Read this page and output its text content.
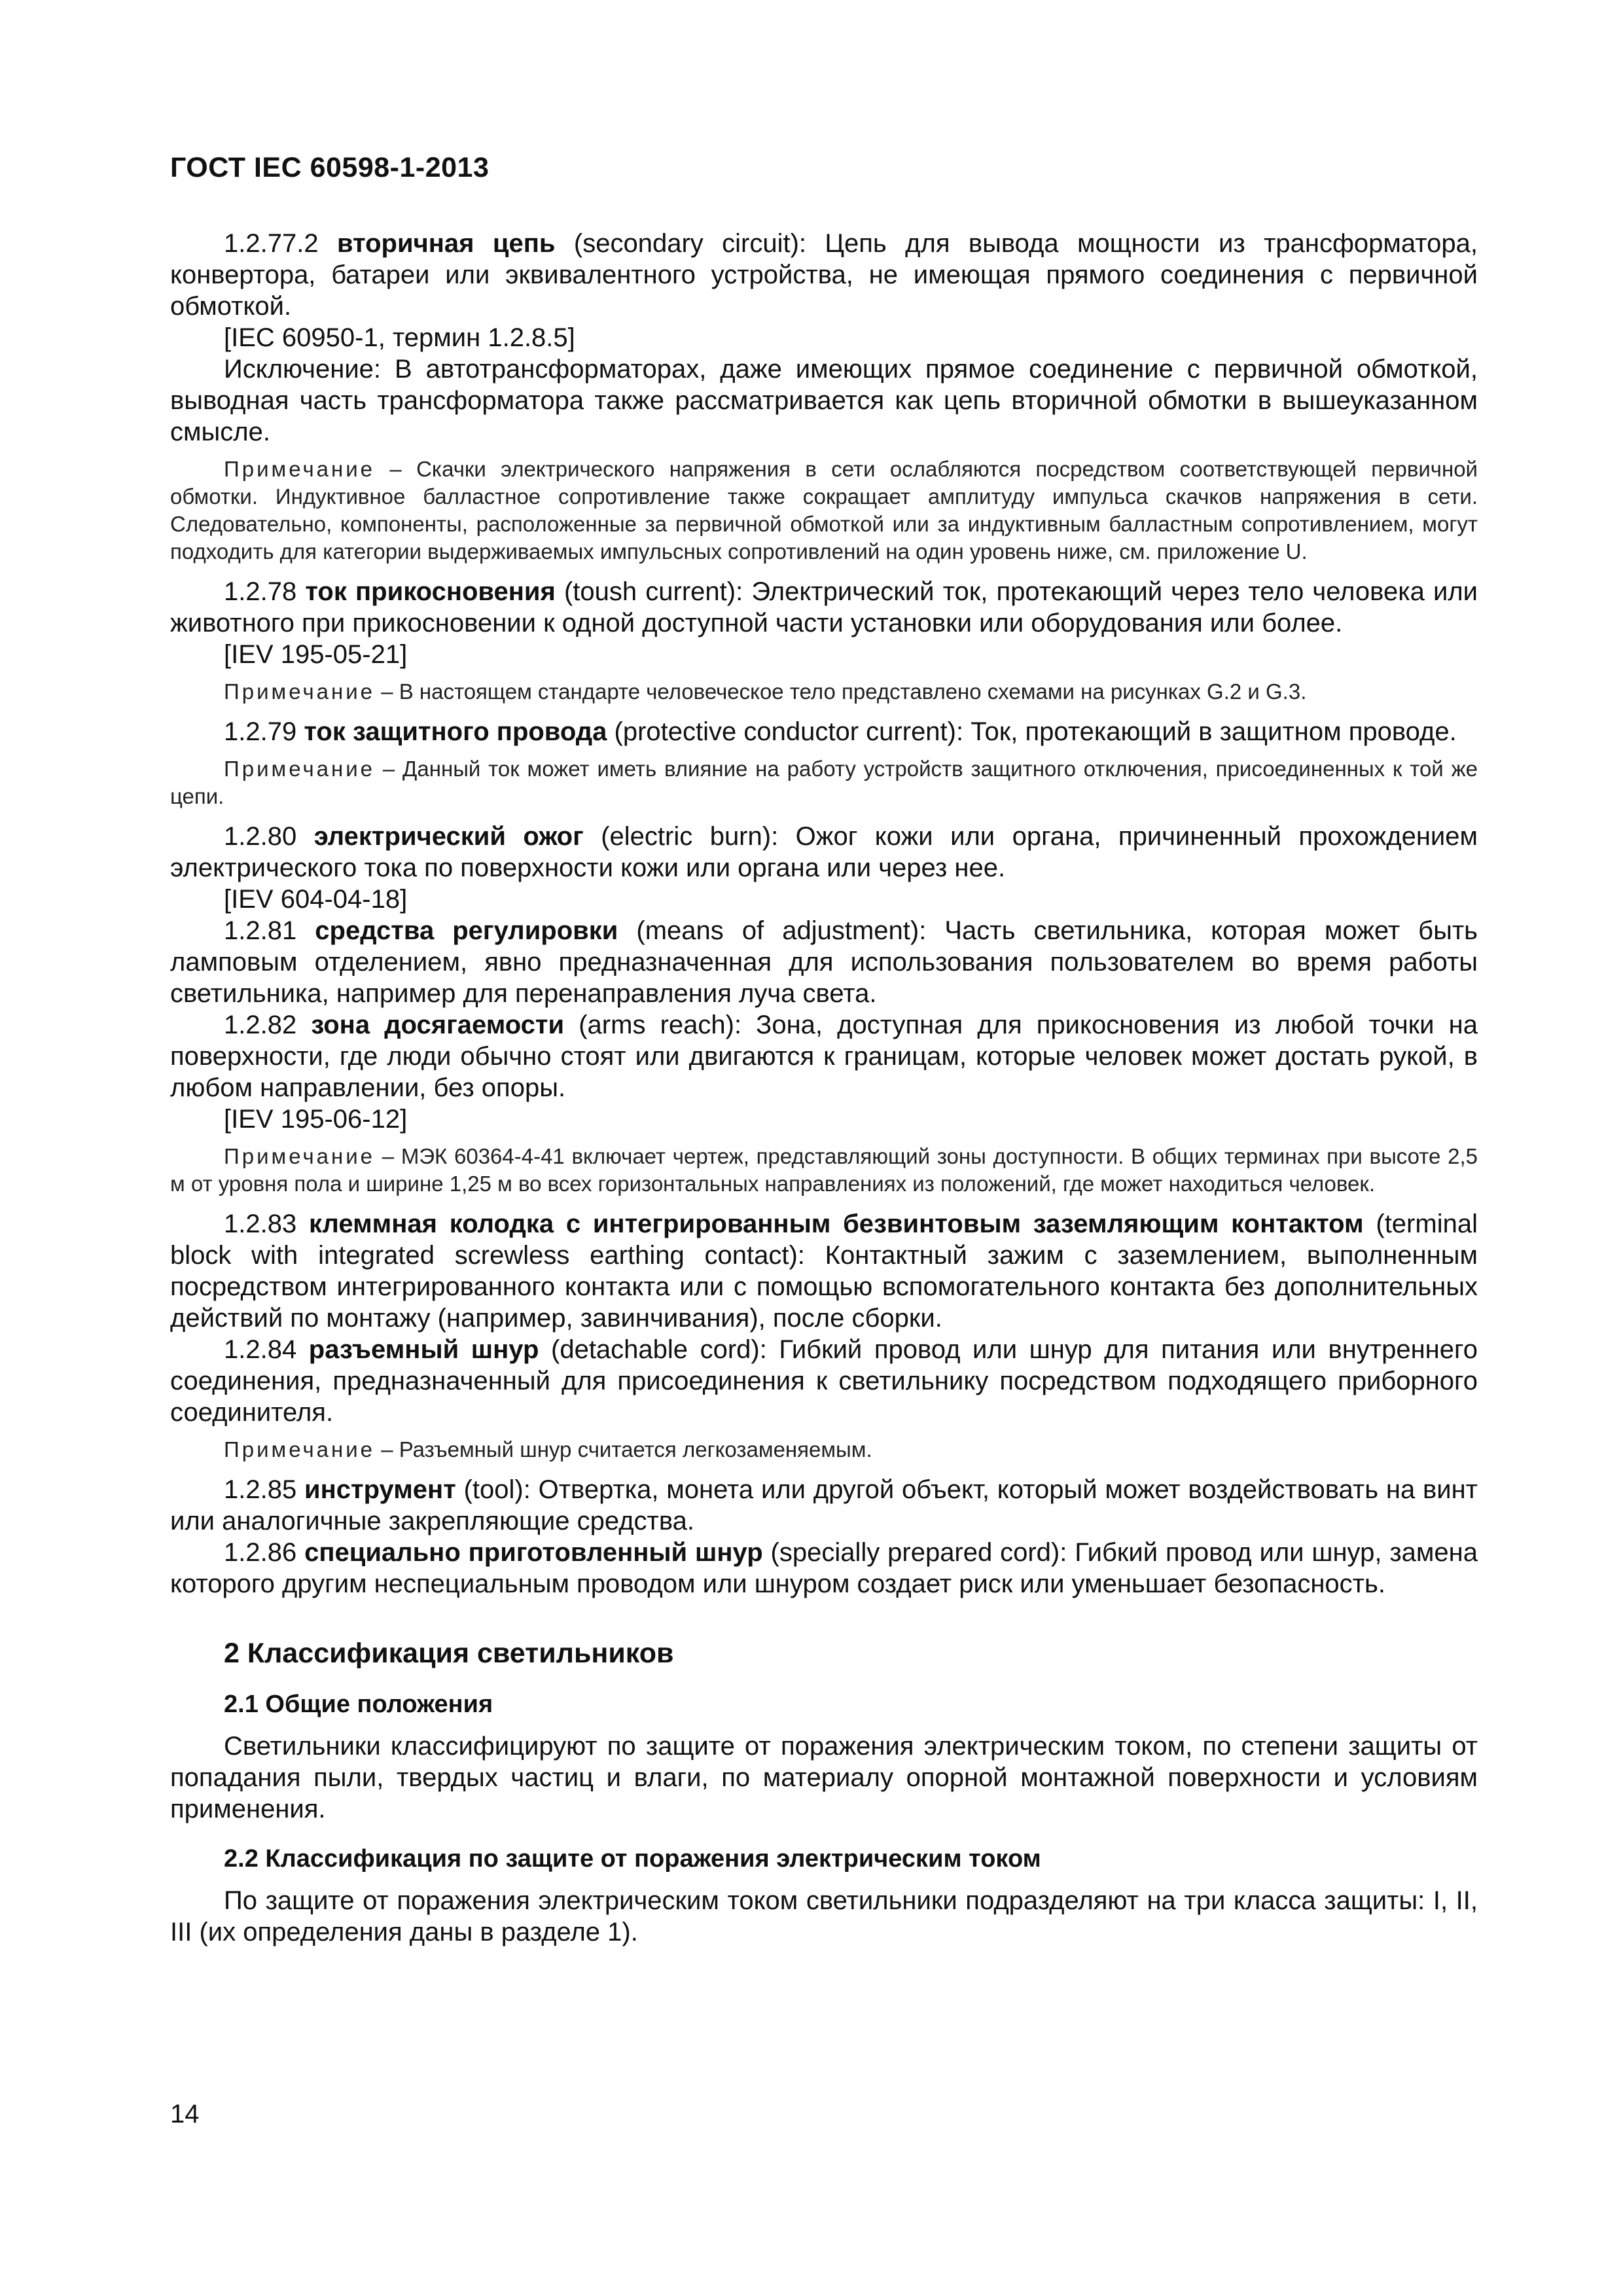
ГОСТ IEC 60598-1-2013

1.2.77.2 вторичная цепь (secondary circuit): Цепь для вывода мощности из трансформатора, конвертора, батареи или эквивалентного устройства, не имеющая прямого соединения с первичной обмоткой.

[IEC 60950-1, термин 1.2.8.5]

Исключение: В автотрансформаторах, даже имеющих прямое соединение с первичной обмоткой, выводная часть трансформатора также рассматривается как цепь вторичной обмотки в вышеуказанном смысле.

Примечание – Скачки электрического напряжения в сети ослабляются посредством соответствующей первичной обмотки. Индуктивное балластное сопротивление также сокращает амплитуду импульса скачков напряжения в сети. Следовательно, компоненты, расположенные за первичной обмоткой или за индуктивным балластным сопротивлением, могут подходить для категории выдерживаемых импульсных сопротивлений на один уровень ниже, см. приложение U.

1.2.78 ток прикосновения (toush current): Электрический ток, протекающий через тело человека или животного при прикосновении к одной доступной части установки или оборудования или более.

[IEV 195-05-21]

Примечание – В настоящем стандарте человеческое тело представлено схемами на рисунках G.2 и G.3.

1.2.79 ток защитного провода (protective conductor current): Ток, протекающий в защитном проводе.

Примечание – Данный ток может иметь влияние на работу устройств защитного отключения, присоединенных к той же цепи.

1.2.80 электрический ожог (electric burn): Ожог кожи или органа, причиненный прохождением электрического тока по поверхности кожи или органа или через нее.

[IEV 604-04-18]

1.2.81 средства регулировки (means of adjustment): Часть светильника, которая может быть ламповым отделением, явно предназначенная для использования пользователем во время работы светильника, например для перенаправления луча света.

1.2.82 зона досягаемости (arms reach): Зона, доступная для прикосновения из любой точки на поверхности, где люди обычно стоят или двигаются к границам, которые человек может достать рукой, в любом направлении, без опоры.

[IEV 195-06-12]

Примечание – МЭК 60364-4-41 включает чертеж, представляющий зоны доступности. В общих терминах при высоте 2,5 м от уровня пола и ширине 1,25 м во всех горизонтальных направлениях из положений, где может находиться человек.

1.2.83 клеммная колодка с интегрированным безвинтовым заземляющим контактом (terminal block with integrated screwless earthing contact): Контактный зажим с заземлением, выполненным посредством интегрированного контакта или с помощью вспомогательного контакта без дополнительных действий по монтажу (например, завинчивания), после сборки.

1.2.84 разъемный шнур (detachable cord): Гибкий провод или шнур для питания или внутреннего соединения, предназначенный для присоединения к светильнику посредством подходящего приборного соединителя.

Примечание – Разъемный шнур считается легкозаменяемым.

1.2.85 инструмент (tool): Отвертка, монета или другой объект, который может воздействовать на винт или аналогичные закрепляющие средства.

1.2.86 специально приготовленный шнур (specially prepared cord): Гибкий провод или шнур, замена которого другим неспециальным проводом или шнуром создает риск или уменьшает безопасность.

2 Классификация светильников
2.1 Общие положения

Светильники классифицируют по защите от поражения электрическим током, по степени защиты от попадания пыли, твердых частиц и влаги, по материалу опорной монтажной поверхности и условиям применения.

2.2 Классификация по защите от поражения электрическим током

По защите от поражения электрическим током светильники подразделяют на три класса защиты: I, II, III (их определения даны в разделе 1).

14
